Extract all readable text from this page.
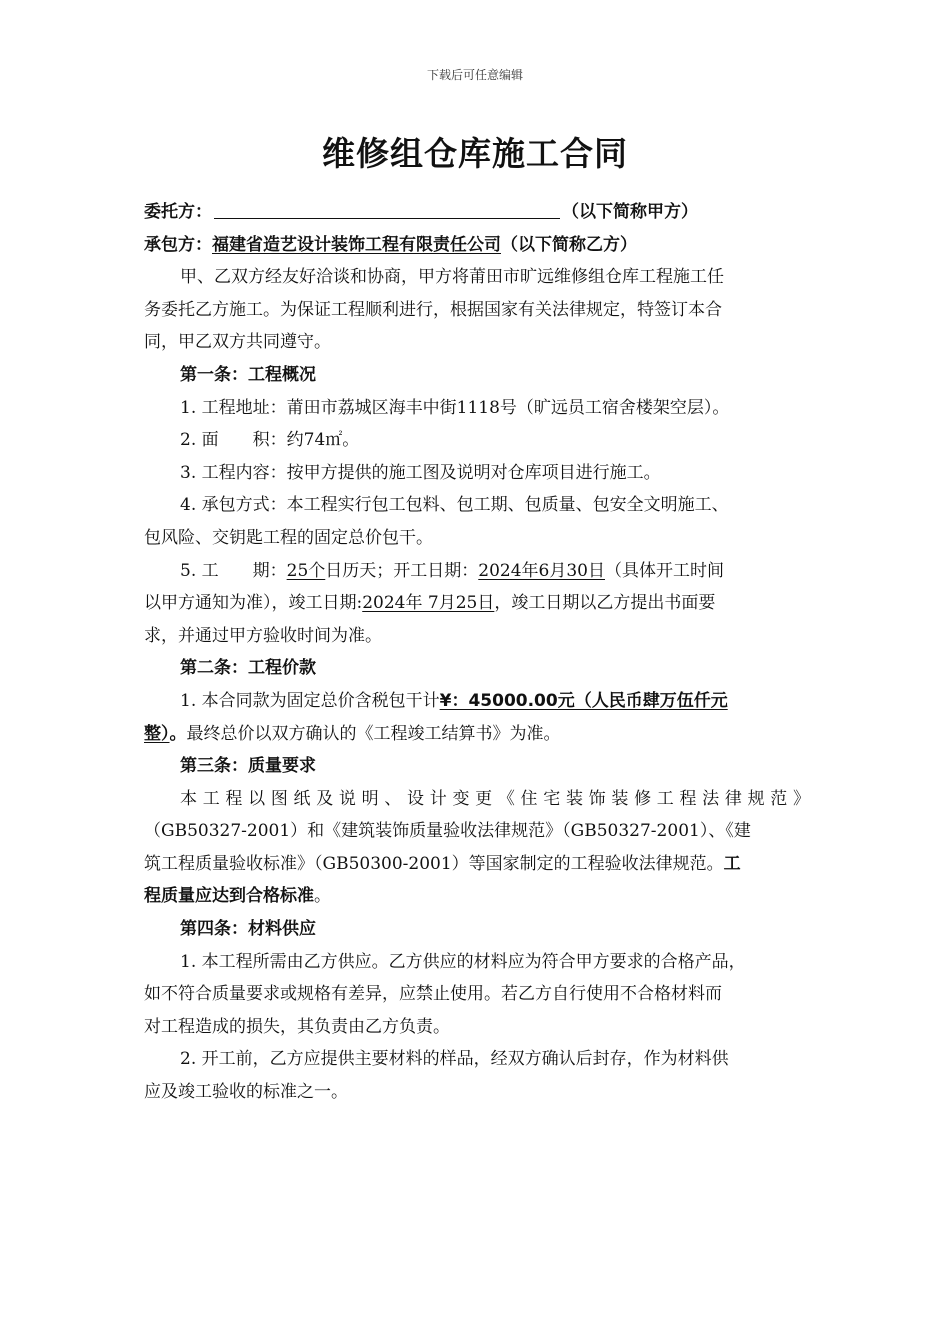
下载后可任意编辑
维修组仓库施工合同
委托方：	（以下简称甲方）
承包方：福建省造艺设计装饰工程有限责任公司（以下简称乙方）
甲、乙双方经友好洽谈和协商，甲方将莆田市旷远维修组仓库工程施工任
务委托乙方施工。为保证工程顺利进行，根据国家有关法律规定，特签订本合
同，甲乙双方共同遵守。
第一条：工程概况
1. 工程地址：莆田市荔城区海丰中街1118号（旷远员工宿舍楼架空层）。
2. 面　　积：约74㎡。
3. 工程内容：按甲方提供的施工图及说明对仓库项目进行施工。
4. 承包方式：本工程实行包工包料、包工期、包质量、包安全文明施工、
包风险、交钥匙工程的固定总价包干。
5. 工　　期：25个日历天；开工日期：2024年6月30日（具体开工时间
以甲方通知为准），竣工日期:2024年 7月25日，竣工日期以乙方提出书面要
求，并通过甲方验收时间为准。
第二条：工程价款
1. 本合同款为固定总价含税包干计¥：45000.00元（人民币肆万伍仟元
整）。最终总价以双方确认的《工程竣工结算书》为准。
第三条：质量要求
本工程以图纸及说明、设计变更《住宅装饰装修工程法律规范》
（GB50327-2001）和《建筑装饰质量验收法律规范》（GB50327-2001）、《建
筑工程质量验收标准》（GB50300-2001）等国家制定的工程验收法律规范。工
程质量应达到合格标准。
第四条：材料供应
1. 本工程所需由乙方供应。乙方供应的材料应为符合甲方要求的合格产品，
如不符合质量要求或规格有差异，应禁止使用。若乙方自行使用不合格材料而
对工程造成的损失，其负责由乙方负责。
2. 开工前，乙方应提供主要材料的样品，经双方确认后封存，作为材料供
应及竣工验收的标准之一。
